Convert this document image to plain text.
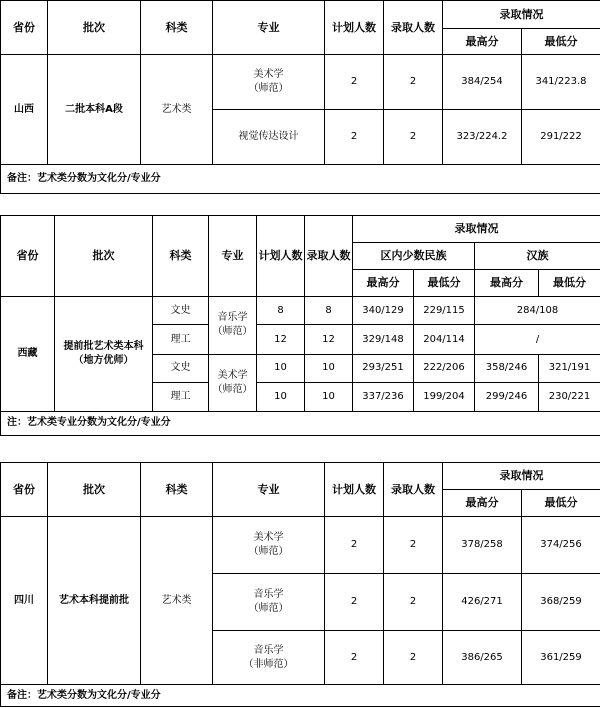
省份	批次	科类	专业	计划人数	录取人数	录取情况	
						最高分	最低分
山西	二批本科A段	艺术类	美术学
（师范）	2	2	384/254	341/223.8
			视觉传达设计	2	2	323/224.2	291/222
备注：艺术类分数为文化分/专业分							
省份	批次	科类	专业	计划人数	录取人数	录取情况			
						区内少数民族		汉族	
						最高分	最低分	最高分	最低分
西藏	提前批艺术类本科
（地方优师）	文史	音乐学
（师范）	8	8	340/129	229/115	284/108	
		理工		12	12	329/148	204/114	/	
		文史	美术学
（师范）	10	10	293/251	222/206	358/246	321/191
		理工		10	10	337/236	199/204	299/246	230/221
注：艺术类专业分数为文化分/专业分									
省份	批次	科类	专业	计划人数	录取人数	录取情况	
						最高分	最低分
四川	艺术本科提前批	艺术类	美术学
（师范）	2	2	378/258	374/256

			音乐学
（师范）	2	2	426/271	368/259

			音乐学
（非师范）	2	2	386/265	361/259
备注：艺术类分数为文化分/专业分							
